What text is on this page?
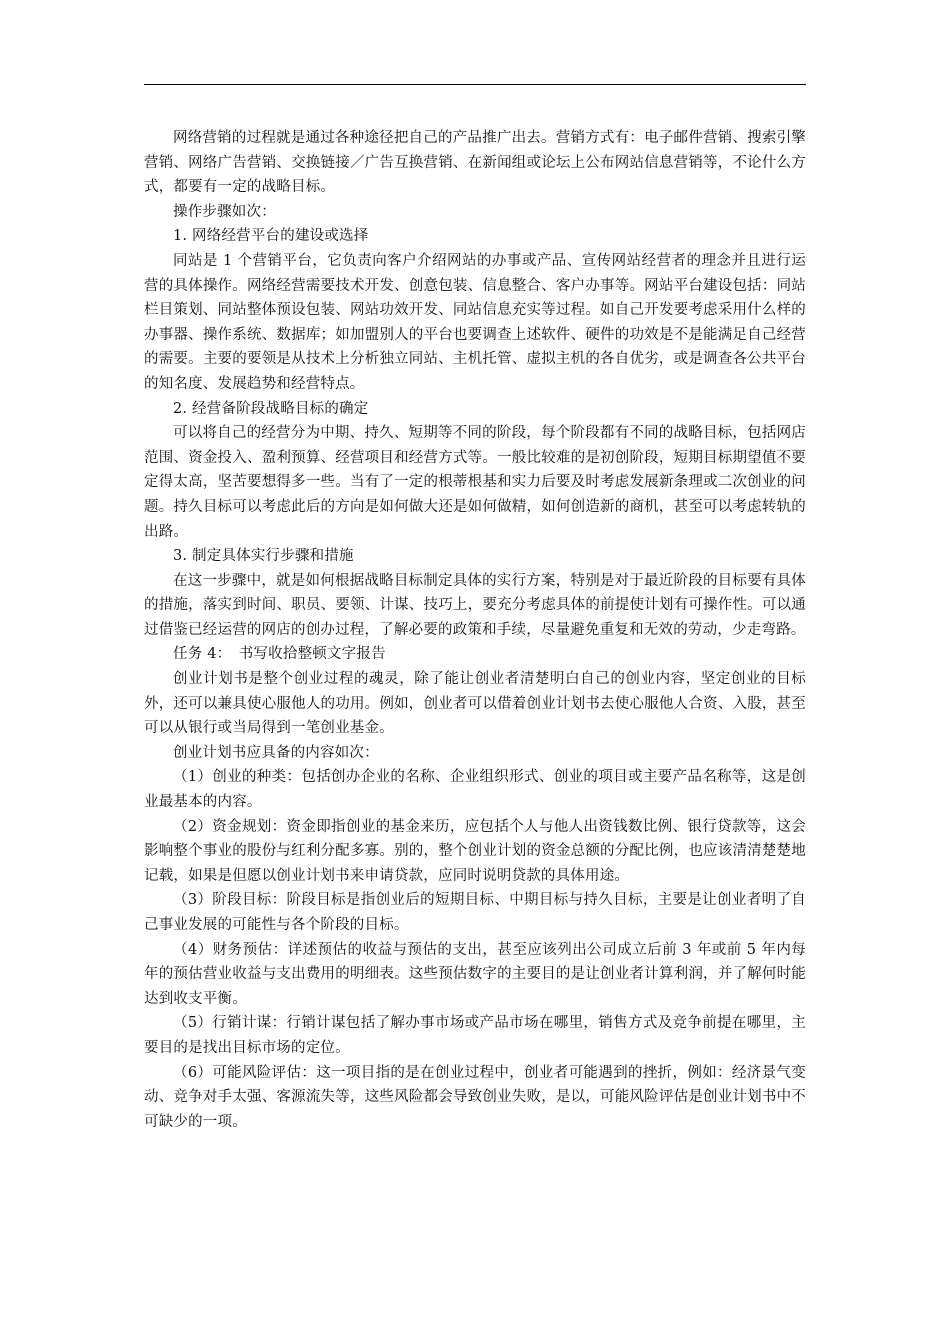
网络营销的过程就是通过各种途径把自己的产品推广出去。营销方式有：电子邮件营销、搜索引擎营销、网络广告营销、交换链接／广告互换营销、在新闻组或论坛上公布网站信息营销等，不论什么方式，都要有一定的战略目标。

操作步骤如次：

1. 网络经营平台的建设或选择

同站是 1 个营销平台，它负责向客户介绍网站的办事或产品、宣传网站经营者的理念并且进行运营的具体操作。网络经营需要技术开发、创意包装、信息整合、客户办事等。网站平台建设包括：同站栏目策划、同站整体预设包装、网站功效开发、同站信息充实等过程。如自己开发要考虑采用什么样的办事器、操作系统、数据库；如加盟别人的平台也要调查上述软件、硬件的功效是不是能满足自己经营的需要。主要的要领是从技术上分析独立同站、主机托管、虚拟主机的各自优劣，或是调查各公共平台的知名度、发展趋势和经营特点。

2. 经营备阶段战略目标的确定

可以将自己的经营分为中期、持久、短期等不同的阶段，每个阶段都有不同的战略目标，包括网店范围、资金投入、盈利预算、经营项目和经营方式等。一般比较难的是初创阶段，短期目标期望值不要定得太高，坚苦要想得多一些。当有了一定的根蒂根基和实力后要及时考虑发展新条理或二次创业的问题。持久目标可以考虑此后的方向是如何做大还是如何做精，如何创造新的商机，甚至可以考虑转轨的出路。

3. 制定具体实行步骤和措施

在这一步骤中，就是如何根据战略目标制定具体的实行方案，特别是对于最近阶段的目标要有具体的措施，落实到时间、职员、要领、计谋、技巧上，要充分考虑具体的前提使计划有可操作性。可以通过借鉴已经运营的网店的创办过程，了解必要的政策和手续，尽量避免重复和无效的劳动，少走弯路。

任务 4：　书写收拾整顿文字报告

创业计划书是整个创业过程的魂灵，除了能让创业者清楚明白自己的创业内容，坚定创业的目标外，还可以兼具使心服他人的功用。例如，创业者可以借着创业计划书去使心服他人合资、入股，甚至可以从银行或当局得到一笔创业基金。

创业计划书应具备的内容如次：

（1）创业的种类：包括创办企业的名称、企业组织形式、创业的项目或主要产品名称等，这是创业最基本的内容。

（2）资金规划：资金即指创业的基金来历，应包括个人与他人出资钱数比例、银行贷款等，这会影响整个事业的股份与红利分配多寡。别的，整个创业计划的资金总额的分配比例，也应该清清楚楚地记载，如果是但愿以创业计划书来申请贷款，应同时说明贷款的具体用途。

（3）阶段目标：阶段目标是指创业后的短期目标、中期目标与持久目标，主要是让创业者明了自己事业发展的可能性与各个阶段的目标。

（4）财务预估：详述预估的收益与预估的支出，甚至应该列出公司成立后前 3 年或前 5 年内每年的预估营业收益与支出费用的明细表。这些预估数字的主要目的是让创业者计算利润，并了解何时能达到收支平衡。

（5）行销计谋：行销计谋包括了解办事市场或产品市场在哪里，销售方式及竞争前提在哪里，主要目的是找出目标市场的定位。

（6）可能风险评估：这一项目指的是在创业过程中，创业者可能遇到的挫折，例如：经济景气变动、竞争对手太强、客源流失等，这些风险都会导致创业失败，是以，可能风险评估是创业计划书中不可缺少的一项。
